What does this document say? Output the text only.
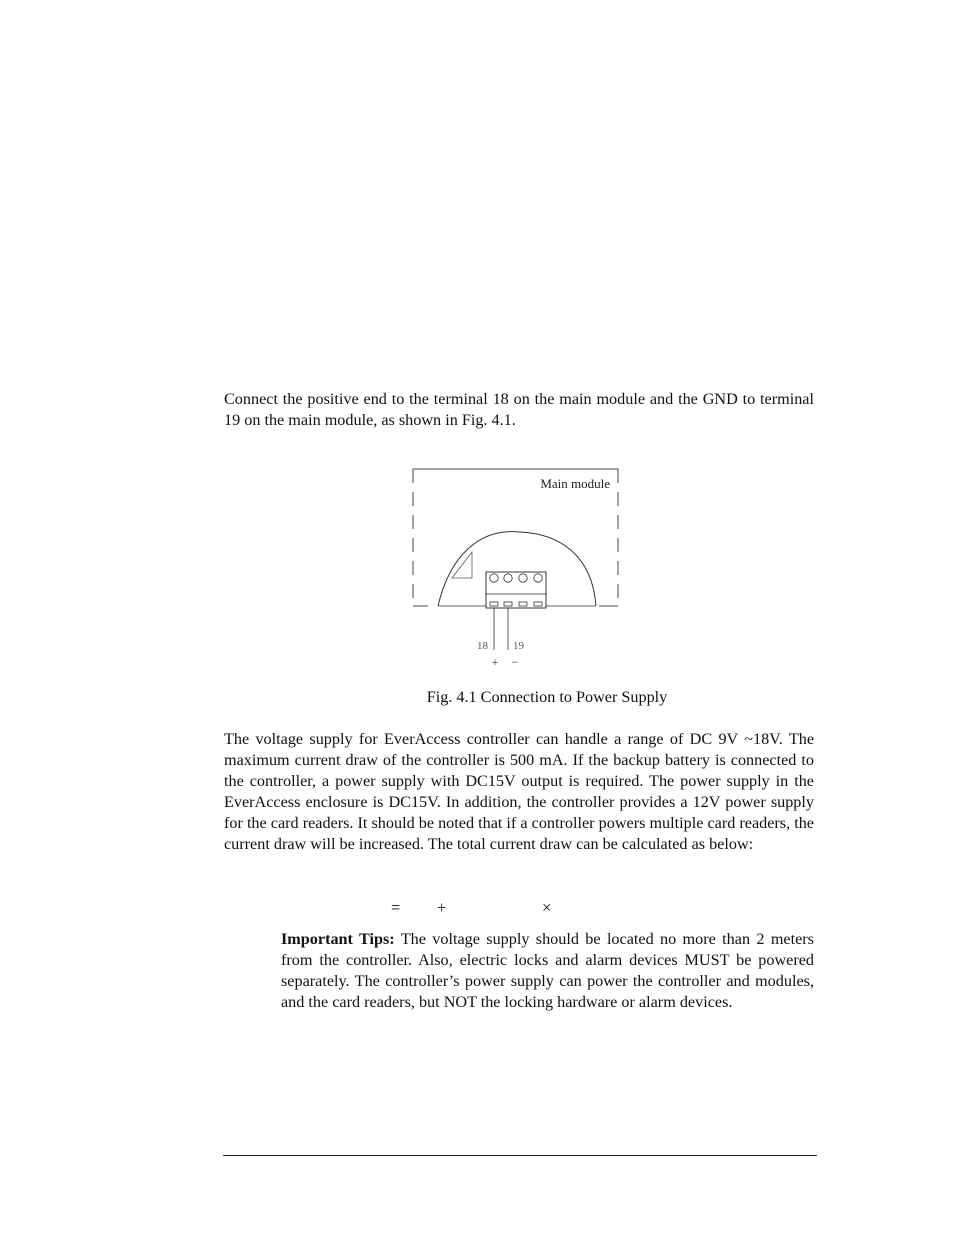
Connect the positive end to the terminal 18 on the main module and the GND to terminal 19 on the main module, as shown in Fig. 4.1.

Main module
18 19
+ −

Fig. 4.1 Connection to Power Supply

The voltage supply for EverAccess controller can handle a range of DC 9V ~18V. The maximum current draw of the controller is 500 mA. If the backup battery is connected to the controller, a power supply with DC15V output is required. The power supply in the EverAccess enclosure is DC15V. In addition, the controller provides a 12V power supply for the card readers. It should be noted that if a controller powers multiple card readers, the current draw will be increased. The total current draw can be calculated as below:

= +	×

Important Tips: The voltage supply should be located no more than 2 meters from the controller. Also, electric locks and alarm devices MUST be powered separately. The controller’s power supply can power the controller and modules, and the card readers, but NOT the locking hardware or alarm devices.
